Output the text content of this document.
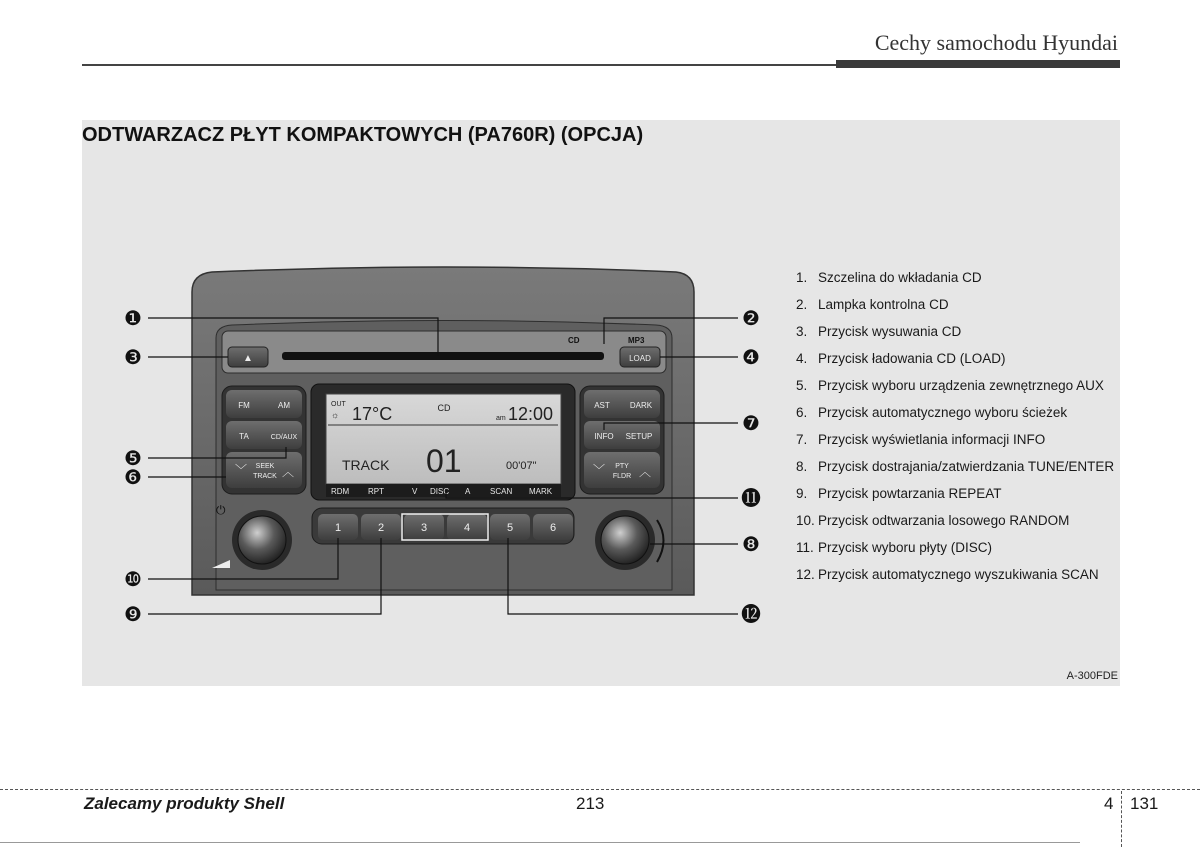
Cechy samochodu Hyundai
ODTWARZACZ PŁYT KOMPAKTOWYCH (PA760R) (OPCJA)
CD	MP3
▲	LOAD
FM	AM
TA	CD/AUX
﹀ SEEK
TRACK ︿
AST	DARK
INFO SETUP
﹀ PTY
FLDR ︿
OUT
☼ 17°C	CD
am 12:00
TRACK 01	00'07"
RDM RPT	V DISC A SCAN MARK
1	2	3	4	5	6
⏻
❶	❷
❸	❹
❺
❻
❼
❽
❾
❿
⓫
⓬
1. Szczelina do wkładania CD
2. Lampka kontrolna CD
3. Przycisk wysuwania CD
4. Przycisk ładowania CD (LOAD)
5. Przycisk wyboru urządzenia zewnętrznego AUX
6. Przycisk automatycznego wyboru ścieżek
7. Przycisk wyświetlania informacji INFO
8. Przycisk dostrajania/zatwierdzania TUNE/ENTER
9. Przycisk powtarzania REPEAT
10. Przycisk odtwarzania losowego RANDOM
11. Przycisk wyboru płyty (DISC)
12. Przycisk automatycznego wyszukiwania SCAN
A-300FDE
Zalecamy produkty Shell	213	4 131
